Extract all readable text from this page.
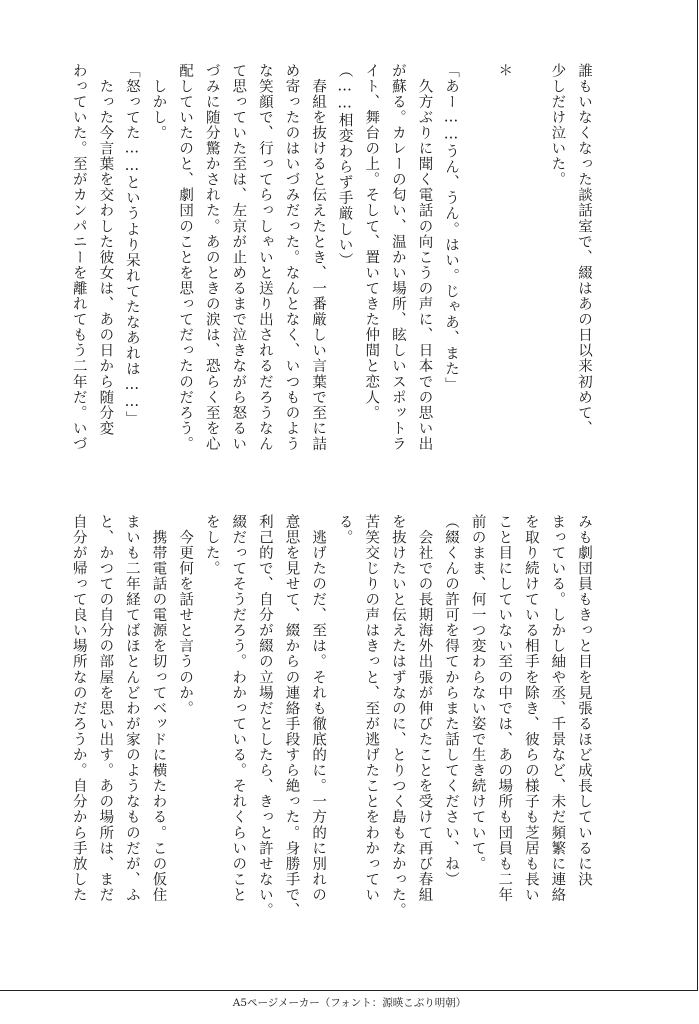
誰もいなくなった談話室で、綴はあの日以来初めて、
少しだけ泣いた。

＊

「あー……うん、うん。はい。じゃあ、また」
　久方ぶりに聞く電話の向こうの声に、日本での思い出
が蘇る。カレーの匂い、温かい場所、眩しいスポットラ
イト、舞台の上。そして、置いてきた仲間と恋人。
（……相変わらず手厳しい）
　春組を抜けると伝えたとき、一番厳しい言葉で至に詰
め寄ったのはいづみだった。なんとなく、いつものよう
な笑顔で、行ってらっしゃいと送り出されるだろうなん
て思っていた至は、左京が止めるまで泣きながら怒るい
づみに随分驚かされた。あのときの涙は、恐らく至を心
配していたのと、劇団のことを思ってだったのだろう。
　しかし。
「怒ってた……というより呆れてたなあれは……」
　たった今言葉を交わした彼女は、あの日から随分変
わっていた。至がカンパニーを離れてもう二年だ。いづ
みも劇団員もきっと目を見張るほど成長しているに決
まっている。しかし紬や丞、千景など、未だ頻繁に連絡
を取り続けている相手を除き、彼らの様子も芝居も長い
こと目にしていない至の中では、あの場所も団員も二年
前のまま、何一つ変わらない姿で生き続けていて。
（綴くんの許可を得てからまた話してください、ね）
　会社での長期海外出張が伸びたことを受けて再び春組
を抜けたいと伝えたはずなのに、とりつく島もなかった。
苦笑交じりの声はきっと、至が逃げたことをわかってい
る。
　逃げたのだ、至は。それも徹底的に。一方的に別れの
意思を見せて、綴からの連絡手段すら絶った。身勝手で、
利己的で、自分が綴の立場だとしたら、きっと許せない。
綴だってそうだろう。わかっている。それくらいのこと
をした。
　今更何を話せと言うのか。
　携帯電話の電源を切ってベッドに横たわる。この仮住
まいも二年経てばほとんどわが家のようなものだが、ふ
と、かつての自分の部屋を思い出す。あの場所は、まだ
自分が帰って良い場所なのだろうか。自分から手放した
A5ページメーカー（フォント：源暎こぶり明朝）
